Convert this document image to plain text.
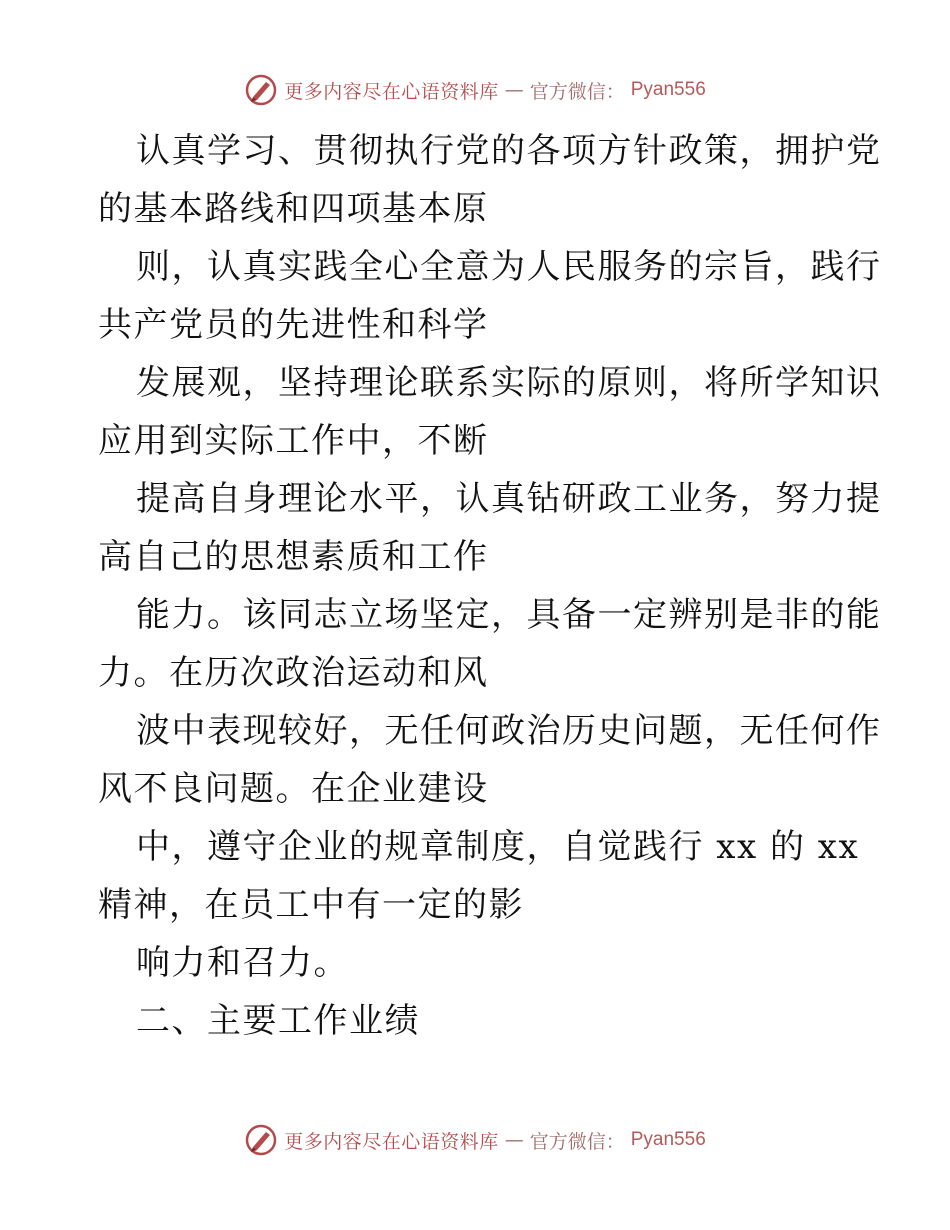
更多内容尽在心语资料库 — 官方微信： Pyan556
认真学习、贯彻执行党的各项方针政策，拥护党
的基本路线和四项基本原
则，认真实践全心全意为人民服务的宗旨，践行
共产党员的先进性和科学
发展观，坚持理论联系实际的原则，将所学知识
应用到实际工作中，不断
提高自身理论水平，认真钻研政工业务，努力提
高自己的思想素质和工作
能力。该同志立场坚定，具备一定辨别是非的能
力。在历次政治运动和风
波中表现较好，无任何政治历史问题，无任何作
风不良问题。在企业建设
中，遵守企业的规章制度，自觉践行 xx 的 xx
精神，在员工中有一定的影
响力和召力。
二、主要工作业绩
更多内容尽在心语资料库 — 官方微信： Pyan556
